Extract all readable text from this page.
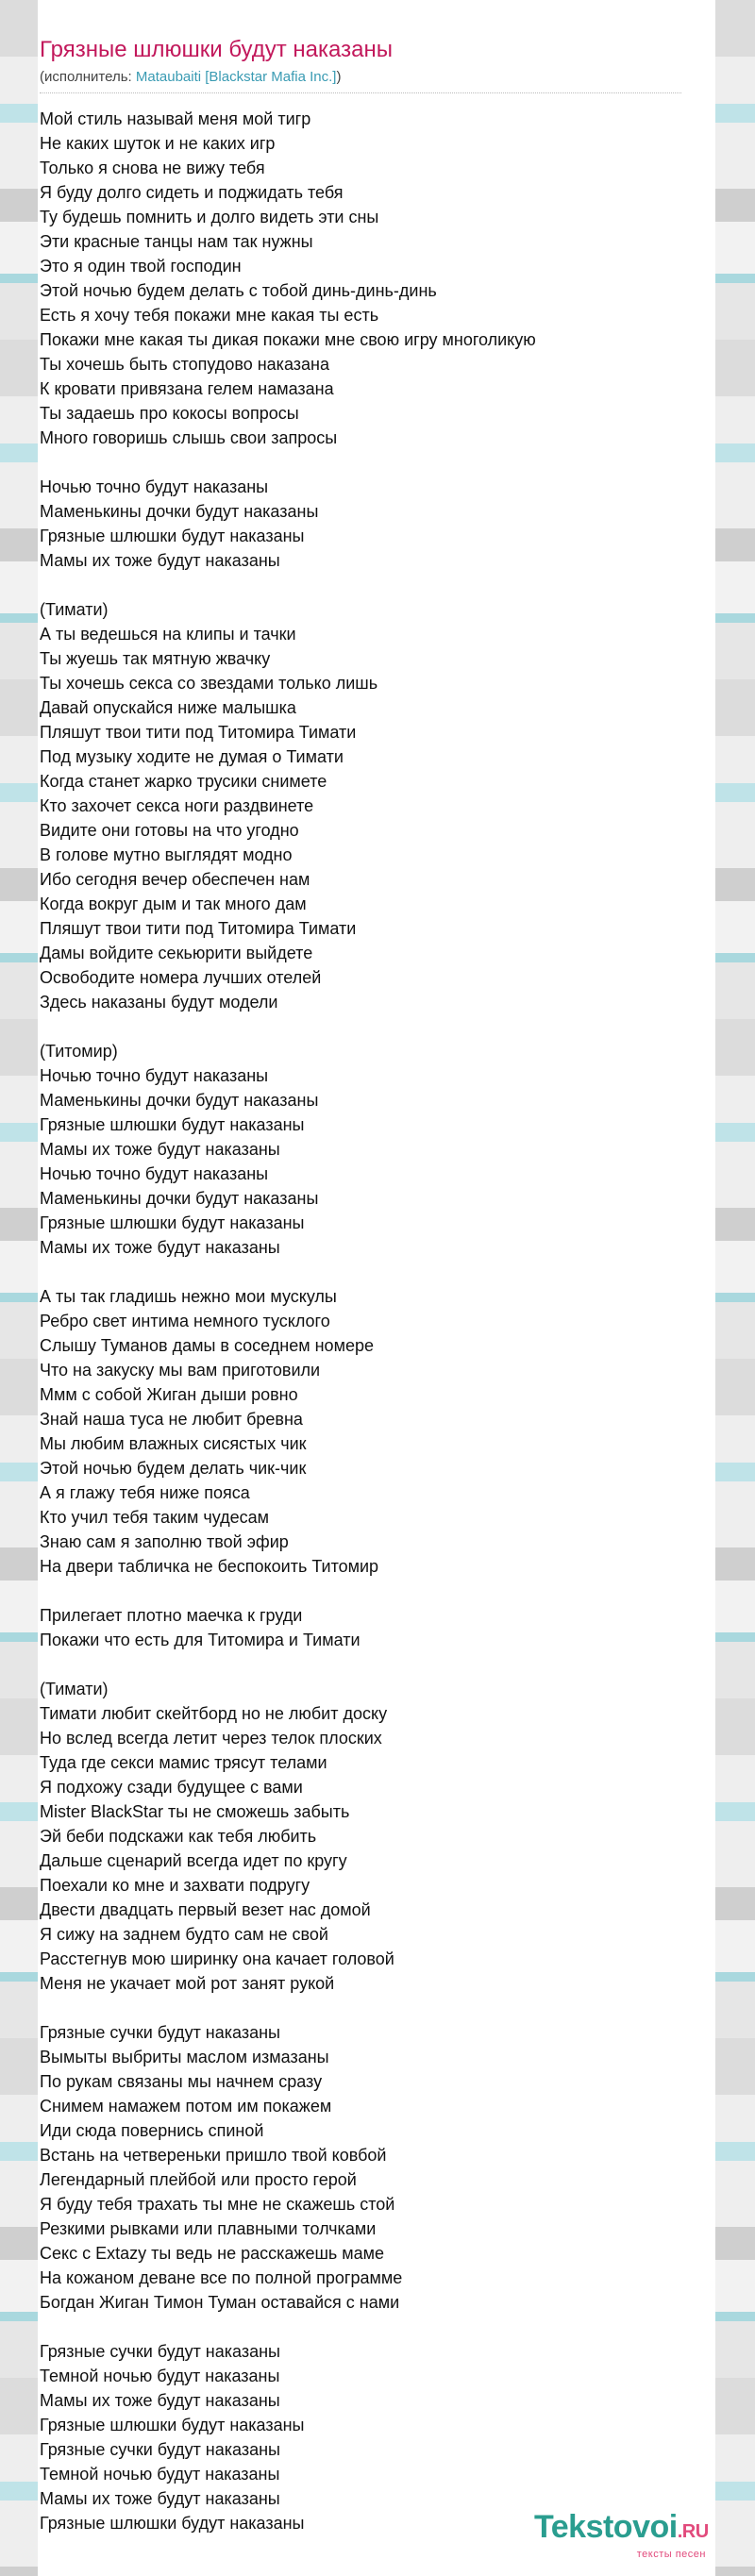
Грязные шлюшки будут наказаны
(исполнитель: Mataubaiti [Blackstar Mafia Inc.])
Мой стиль называй меня мой тигр
Не каких шуток и не каких игр
Только я снова не вижу тебя
Я буду долго сидеть и поджидать тебя
Ту будешь помнить и долго видеть эти сны
Эти красные танцы нам так нужны
Это я один твой господин
Этой ночью будем делать с тобой динь-динь-динь
Есть я хочу тебя покажи мне какая ты есть
Покажи мне какая ты дикая покажи мне свою игру многоликую
Ты хочешь быть стопудово наказана
К кровати привязана гелем намазана
Ты задаешь про кокосы вопросы
Много говоришь слышь свои запросы
Ночью точно будут наказаны
Маменькины дочки будут наказаны
Грязные шлюшки будут наказаны
Мамы их тоже будут наказаны
(Тимати)
А ты ведешься на клипы и тачки
Ты жуешь так мятную жвачку
Ты хочешь секса со звездами только лишь
Давай опускайся ниже малышка
Пляшут твои тити под Титомира Тимати
Под музыку ходите не думая о Тимати
Когда станет жарко трусики снимете
Кто захочет секса ноги раздвинете
Видите они готовы на что угодно
В голове мутно выглядят модно
Ибо сегодня вечер обеспечен нам
Когда вокруг дым и так много дам
Пляшут твои тити под Титомира Тимати
Дамы войдите секьюрити выйдете
Освободите номера лучших отелей
Здесь наказаны будут модели
(Титомир)
Ночью точно будут наказаны
Маменькины дочки будут наказаны
Грязные шлюшки будут наказаны
Мамы их тоже будут наказаны
Ночью точно будут наказаны
Маменькины дочки будут наказаны
Грязные шлюшки будут наказаны
Мамы их тоже будут наказаны
А ты так гладишь нежно мои мускулы
Ребро свет интима немного тусклого
Слышу Туманов дамы в соседнем номере
Что на закуску мы вам приготовили
Ммм с собой Жиган дыши ровно
Знай наша туса не любит бревна
Мы любим влажных сисястых чик
Этой ночью будем делать чик-чик
А я глажу тебя ниже пояса
Кто учил тебя таким чудесам
Знаю сам я заполню твой эфир
На двери табличка не беспокоить Титомир
Прилегает плотно маечка к груди
Покажи что есть для Титомира и Тимати
(Тимати)
Тимати любит скейтборд но не любит доску
Но вслед всегда летит через телок плоских
Туда где секси мамис трясут телами
Я подхожу сзади будущее с вами
Mister BlackStar ты не сможешь забыть
Эй беби подскажи как тебя любить
Дальше сценарий всегда идет по кругу
Поехали ко мне и захвати подругу
Двести двадцать первый везет нас домой
Я сижу на заднем будто сам не свой
Расстегнув мою ширинку она качает головой
Меня не укачает мой рот занят рукой
Грязные сучки будут наказаны
Вымыты выбриты маслом измазаны
По рукам связаны мы начнем сразу
Снимем намажем потом им покажем
Иди сюда повернись спиной
Встань на четвереньки пришло твой ковбой
Легендарный плейбой или просто герой
Я буду тебя трахать ты мне не скажешь стой
Резкими рывками или плавными толчками
Секс с Extazy ты ведь не расскажешь маме
На кожаном деване все по полной программе
Богдан Жиган Тимон Туман оставайся с нами
Грязные сучки будут наказаны
Темной ночью будут наказаны
Мамы их тоже будут наказаны
Грязные шлюшки будут наказаны
Грязные сучки будут наказаны
Темной ночью будут наказаны
Мамы их тоже будут наказаны
Грязные шлюшки будут наказаны	Tekstovoi.RU
тексты песен
